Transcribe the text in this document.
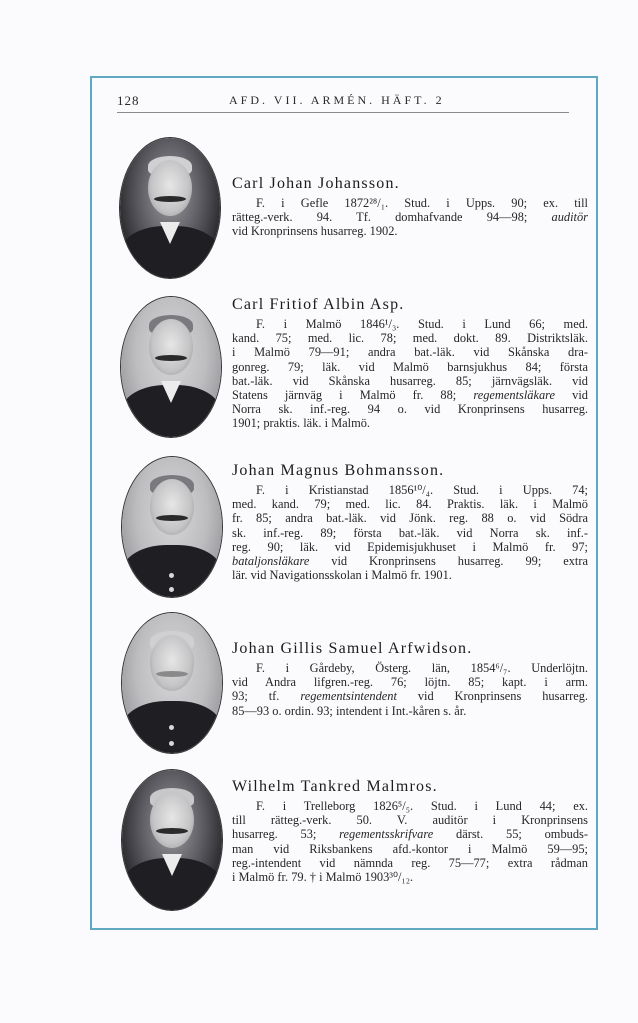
128	AFD. VII. ARMÉN. HÄFT. 2
Carl Johan Johansson.
F. i Gefle 1872²⁸/₁. Stud. i Upps. 90; ex. till
rätteg.-verk. 94. Tf. domhafvande 94—98; auditör
vid Kronprinsens husarreg. 1902.
Carl Fritiof Albin Asp.
F. i Malmö 1846¹/₃. Stud. i Lund 66; med.
kand. 75; med. lic. 78; med. dokt. 89. Distriktsläk.
i Malmö 79—91; andra bat.-läk. vid Skånska dra-
gonreg. 79; läk. vid Malmö barnsjukhus 84; första
bat.-läk. vid Skånska husarreg. 85; järnvägsläk. vid
Statens järnväg i Malmö fr. 88; regementsläkare vid
Norra sk. inf.-reg. 94 o. vid Kronprinsens husarreg.
1901; praktis. läk. i Malmö.
Johan Magnus Bohmansson.
F. i Kristianstad 1856¹⁰/₄. Stud. i Upps. 74;
med. kand. 79; med. lic. 84. Praktis. läk. i Malmö
fr. 85; andra bat.-läk. vid Jönk. reg. 88 o. vid Södra
sk. inf.-reg. 89; första bat.-läk. vid Norra sk. inf.-
reg. 90; läk. vid Epidemisjukhuset i Malmö fr. 97;
bataljonsläkare vid Kronprinsens husarreg. 99; extra
lär. vid Navigationsskolan i Malmö fr. 1901.
Johan Gillis Samuel Arfwidson.
F. i Gårdeby, Österg. län, 1854⁶/₇. Underlöjtn.
vid Andra lifgren.-reg. 76; löjtn. 85; kapt. i arm.
93; tf. regementsintendent vid Kronprinsens husarreg.
85—93 o. ordin. 93; intendent i Int.-kåren s. år.
Wilhelm Tankred Malmros.
F. i Trelleborg 1826⁵/₅. Stud. i Lund 44; ex.
till rätteg.-verk. 50. V. auditör i Kronprinsens
husarreg. 53; regementsskrifvare därst. 55; ombuds-
man vid Riksbankens afd.-kontor i Malmö 59—95;
reg.-intendent vid nämnda reg. 75—77; extra rådman
i Malmö fr. 79. † i Malmö 1903³⁰/₁₂.
